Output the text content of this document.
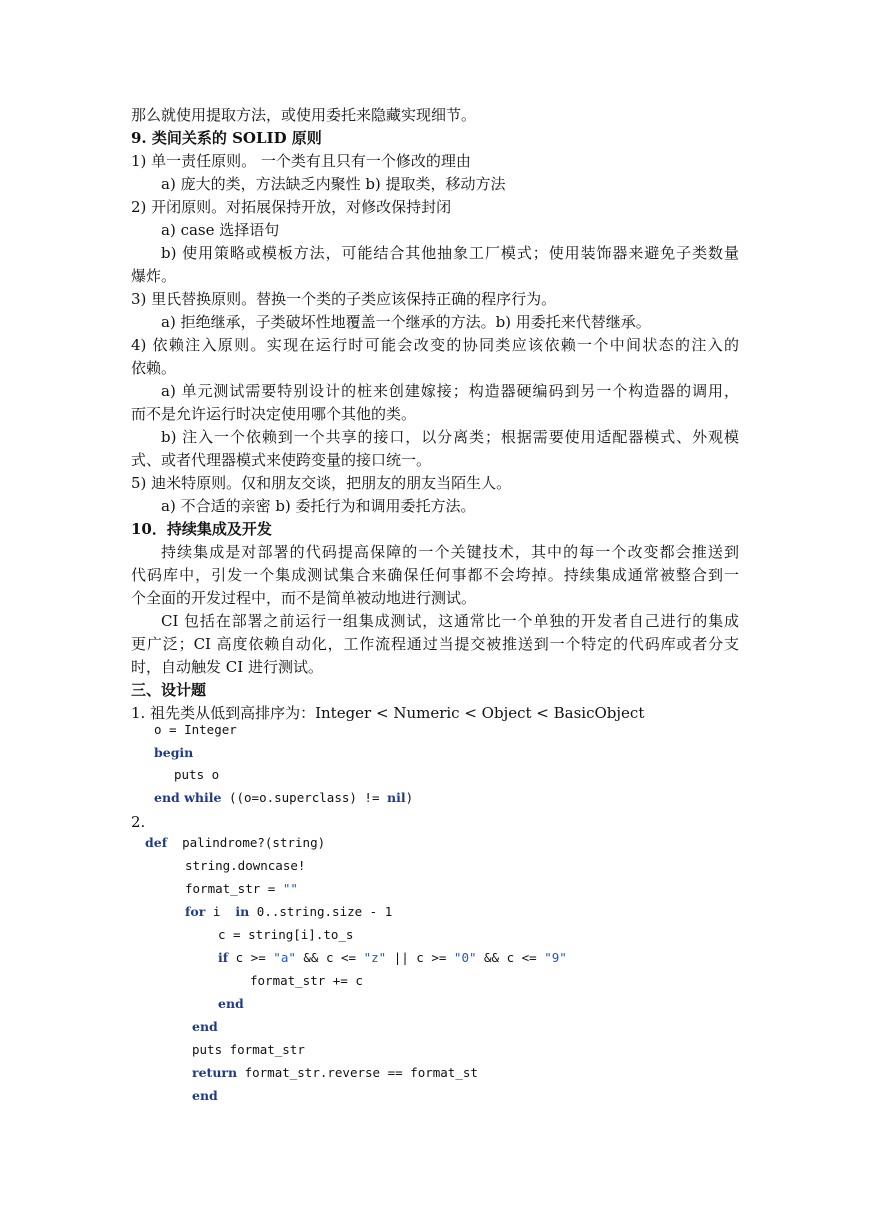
那么就使用提取方法，或使用委托来隐藏实现细节。
9. 类间关系的 SOLID 原则
1) 单一责任原则。 一个类有且只有一个修改的理由
a) 庞大的类，方法缺乏内聚性 b) 提取类，移动方法
2) 开闭原则。对拓展保持开放，对修改保持封闭
a) case 选择语句
b) 使用策略或模板方法，可能结合其他抽象工厂模式；使用装饰器来避免子类数量
爆炸。
3) 里氏替换原则。替换一个类的子类应该保持正确的程序行为。
a) 拒绝继承，子类破坏性地覆盖一个继承的方法。b) 用委托来代替继承。
4) 依赖注入原则。实现在运行时可能会改变的协同类应该依赖一个中间状态的注入的
依赖。
a) 单元测试需要特别设计的桩来创建嫁接；构造器硬编码到另一个构造器的调用，
而不是允许运行时决定使用哪个其他的类。
b) 注入一个依赖到一个共享的接口，以分离类；根据需要使用适配器模式、外观模
式、或者代理器模式来使跨变量的接口统一。
5) 迪米特原则。仅和朋友交谈，把朋友的朋友当陌生人。
a) 不合适的亲密 b) 委托行为和调用委托方法。
10．持续集成及开发
持续集成是对部署的代码提高保障的一个关键技术，其中的每一个改变都会推送到
代码库中，引发一个集成测试集合来确保任何事都不会垮掉。持续集成通常被整合到一
个全面的开发过程中，而不是简单被动地进行测试。
CI 包括在部署之前运行一组集成测试，这通常比一个单独的开发者自己进行的集成
更广泛；CI 高度依赖自动化，工作流程通过当提交被推送到一个特定的代码库或者分支
时，自动触发 CI 进行测试。
三、设计题
1. 祖先类从低到高排序为：Integer < Numeric < Object < BasicObject
o = Integer
begin
puts o
end while ((o=o.superclass) != nil)
2.
def  palindrome?(string)
string.downcase!
format_str = ""
for i  in 0..string.size - 1
c = string[i].to_s
if c >= "a" && c <= "z" || c >= "0" && c <= "9"
format_str += c
end
end
puts format_str
return format_str.reverse == format_st
end
